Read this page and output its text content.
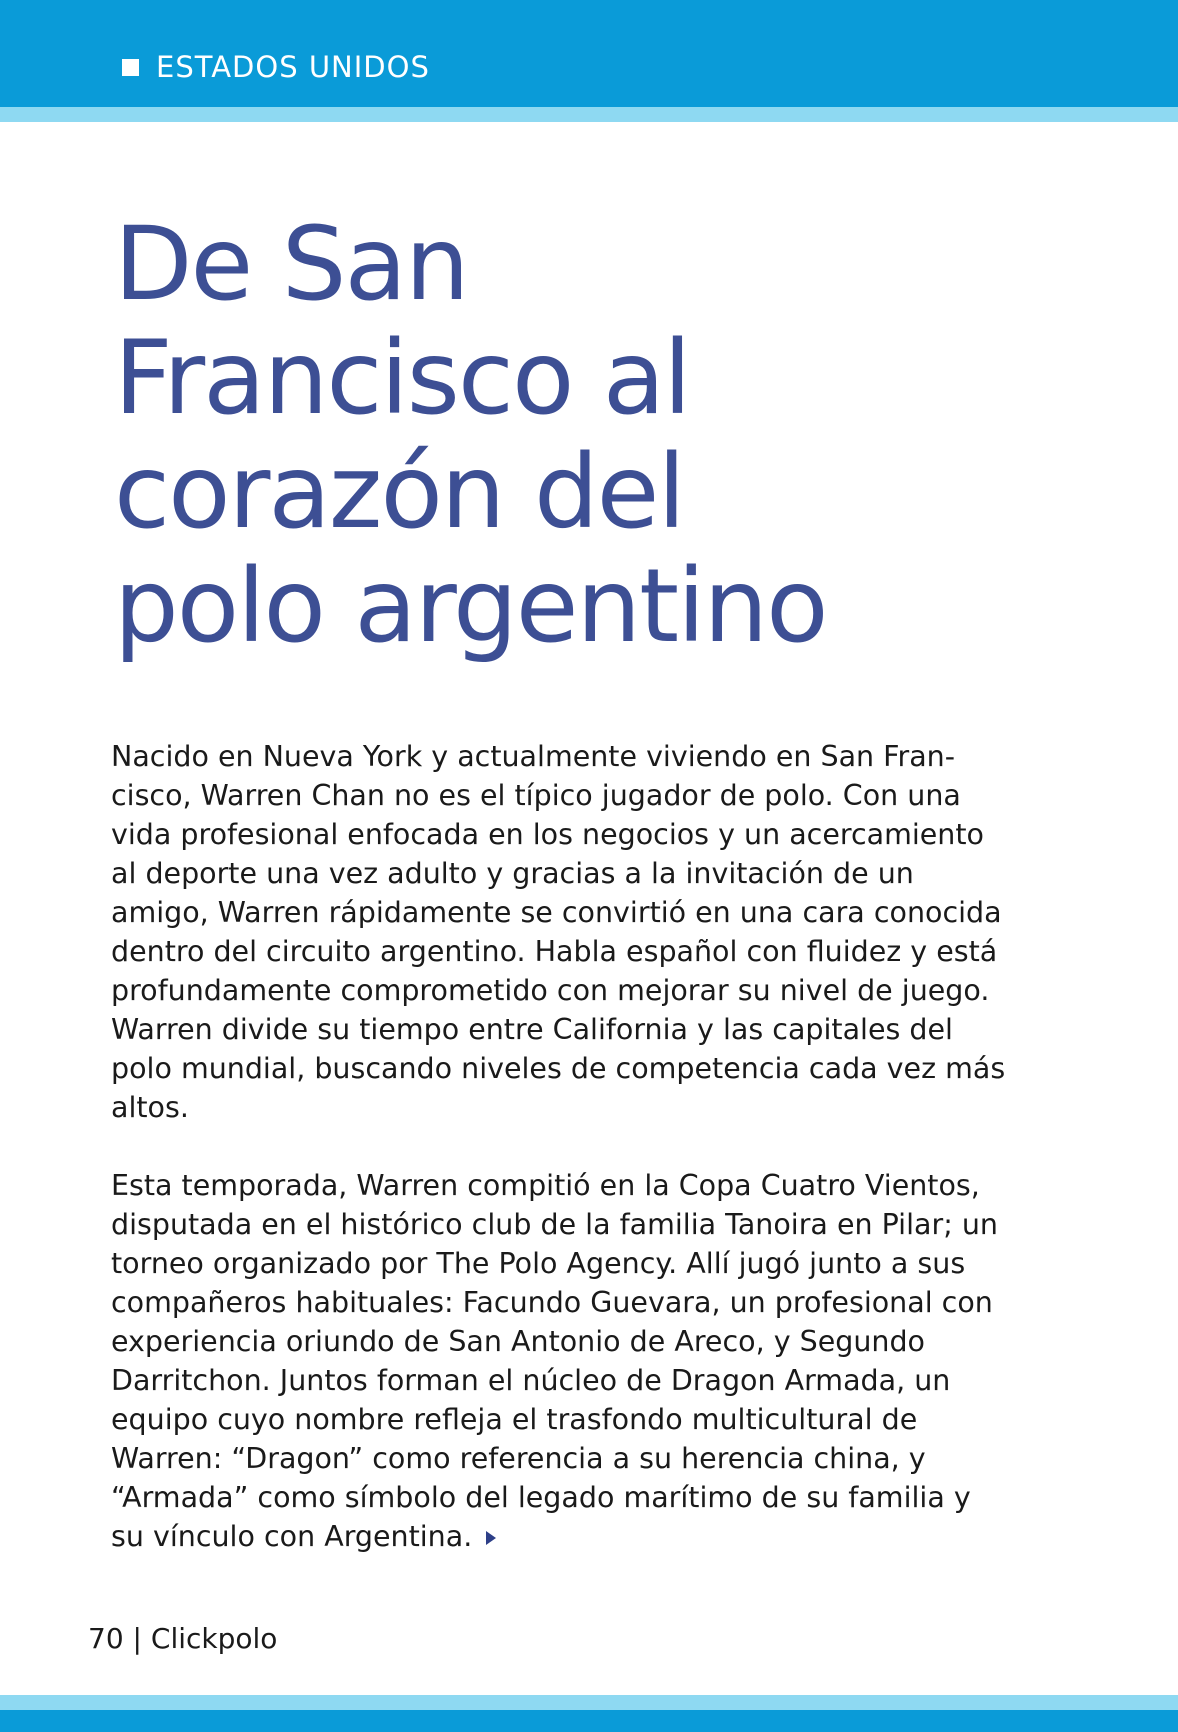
ESTADOS UNIDOS
De San
Francisco al
corazón del
polo argentino

Nacido en Nueva York y actualmente viviendo en San Fran-
cisco, Warren Chan no es el típico jugador de polo. Con una
vida profesional enfocada en los negocios y un acercamiento
al deporte una vez adulto y gracias a la invitación de un
amigo, Warren rápidamente se convirtió en una cara conocida
dentro del circuito argentino. Habla español con fluidez y está
profundamente comprometido con mejorar su nivel de juego.
Warren divide su tiempo entre California y las capitales del
polo mundial, buscando niveles de competencia cada vez más
altos.

Esta temporada, Warren compitió en la Copa Cuatro Vientos,
disputada en el histórico club de la familia Tanoira en Pilar; un
torneo organizado por The Polo Agency. Allí jugó junto a sus
compañeros habituales: Facundo Guevara, un profesional con
experiencia oriundo de San Antonio de Areco, y Segundo
Darritchon. Juntos forman el núcleo de Dragon Armada, un
equipo cuyo nombre refleja el trasfondo multicultural de
Warren: “Dragon” como referencia a su herencia china, y
“Armada” como símbolo del legado marítimo de su familia y
su vínculo con Argentina.

70 | Clickpolo
